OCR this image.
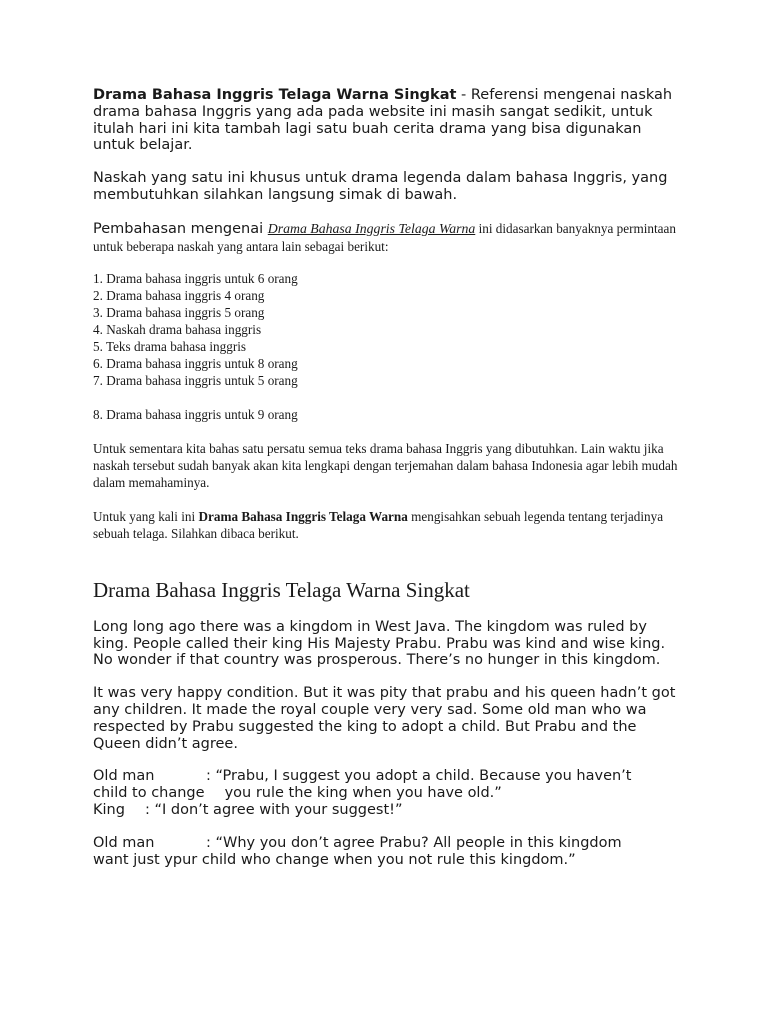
Drama Bahasa Inggris Telaga Warna Singkat - Referensi mengenai naskah drama bahasa Inggris yang ada pada website ini masih sangat sedikit, untuk itulah hari ini kita tambah lagi satu buah cerita drama yang bisa digunakan untuk belajar.

Naskah yang satu ini khusus untuk drama legenda dalam bahasa Inggris, yang membutuhkan silahkan langsung simak di bawah.

Pembahasan mengenai Drama Bahasa Inggris Telaga Warna ini didasarkan banyaknya permintaan untuk beberapa naskah yang antara lain sebagai berikut:

1. Drama bahasa inggris untuk 6 orang
2. Drama bahasa inggris 4 orang
3. Drama bahasa inggris 5 orang
4. Naskah drama bahasa inggris
5. Teks drama bahasa inggris
6. Drama bahasa inggris untuk 8 orang
7. Drama bahasa inggris untuk 5 orang
8. Drama bahasa inggris untuk 9 orang

Untuk sementara kita bahas satu persatu semua teks drama bahasa Inggris yang dibutuhkan. Lain waktu jika naskah tersebut sudah banyak akan kita lengkapi dengan terjemahan dalam bahasa Indonesia agar lebih mudah dalam memahaminya.

Untuk yang kali ini Drama Bahasa Inggris Telaga Warna mengisahkan sebuah legenda tentang terjadinya sebuah telaga. Silahkan dibaca berikut.

Drama Bahasa Inggris Telaga Warna Singkat

Long long ago there was a kingdom in West Java. The kingdom was ruled by king. People called their king His Majesty Prabu. Prabu was kind and wise king. No wonder if that country was prosperous. There’s no hunger in this kingdom.

It was very happy condition. But it was pity that prabu and his queen hadn’t got any children. It made the royal couple very very sad. Some old man who wa respected by Prabu suggested the king to adopt a child. But Prabu and the Queen didn’t agree.

Old man	: “Prabu, I suggest you adopt a child. Because you haven’t

child to change you rule the king when you have old.”

King : “I don’t agree with your suggest!”

Old man	: “Why you don’t agree Prabu? All people in this kingdom

want just ypur child who change when you not rule this kingdom.”
